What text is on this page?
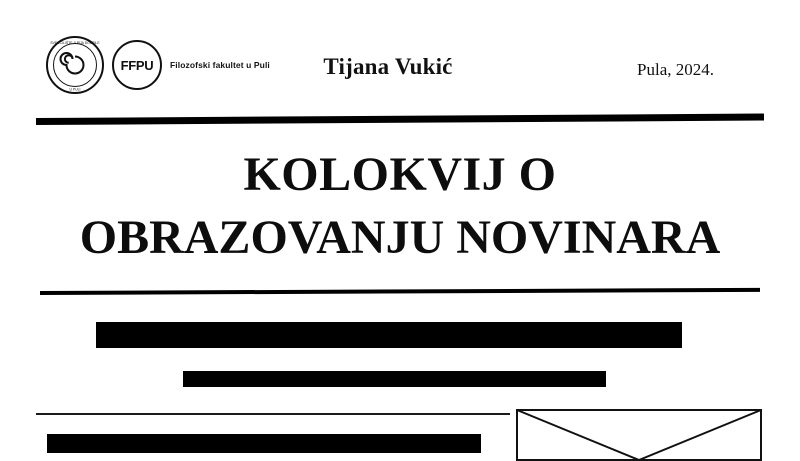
SVEUČILIŠTE JURJA DOBRILE
U PULI
FFPU Filozofski fakultet u Puli	Tijana Vukić	Pula, 2024.
KOLOKVIJ O
OBRAZOVANJU NOVINARA
